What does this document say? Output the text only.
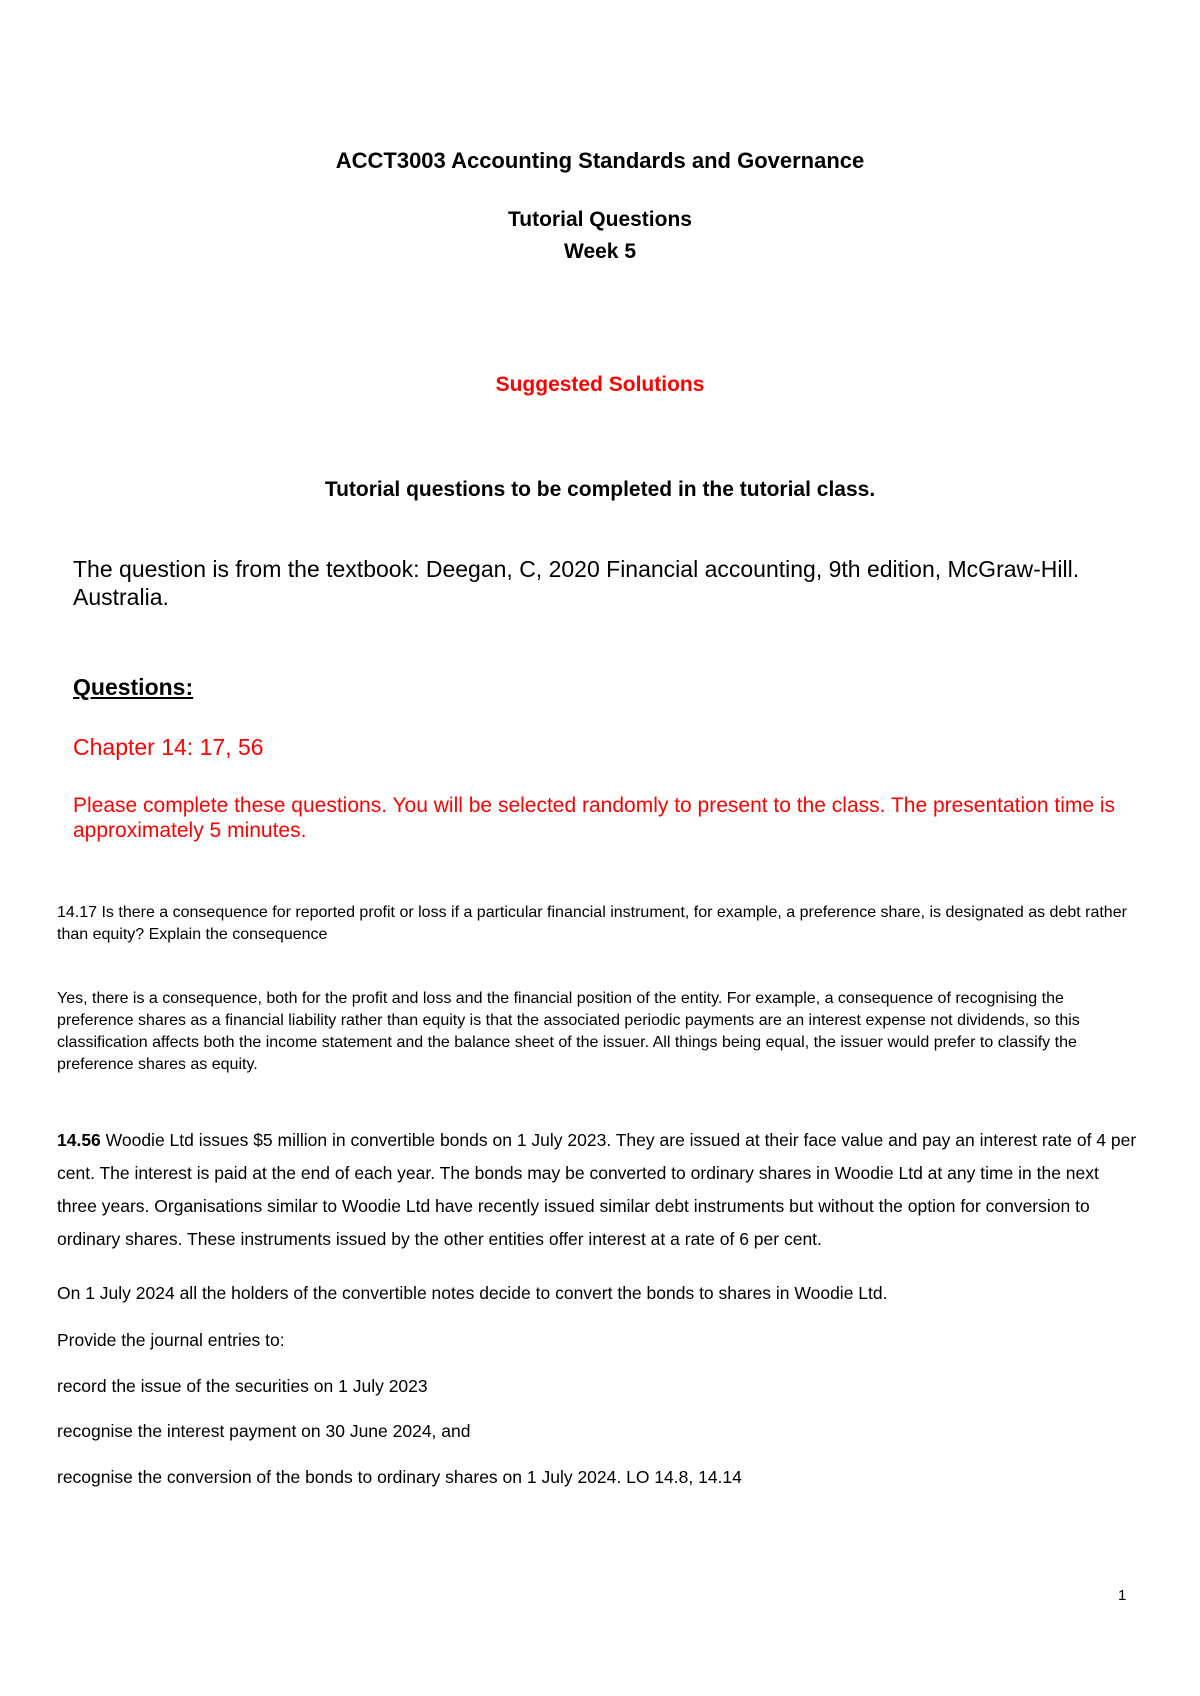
ACCT3003 Accounting Standards and Governance
Tutorial Questions
Week 5
Suggested Solutions
Tutorial questions to be completed in the tutorial class.
The question is from the textbook: Deegan, C, 2020 Financial accounting, 9th edition, McGraw-Hill. Australia.
Questions:
Chapter 14: 17, 56
Please complete these questions. You will be selected randomly to present to the class. The presentation time is approximately 5 minutes.
14.17 Is there a consequence for reported profit or loss if a particular financial instrument, for example, a preference share, is designated as debt rather than equity? Explain the consequence
Yes, there is a consequence, both for the profit and loss and the financial position of the entity. For example, a consequence of recognising the preference shares as a financial liability rather than equity is that the associated periodic payments are an interest expense not dividends, so this classification affects both the income statement and the balance sheet of the issuer. All things being equal, the issuer would prefer to classify the preference shares as equity.
14.56 Woodie Ltd issues $5 million in convertible bonds on 1 July 2023. They are issued at their face value and pay an interest rate of 4 per cent. The interest is paid at the end of each year. The bonds may be converted to ordinary shares in Woodie Ltd at any time in the next three years. Organisations similar to Woodie Ltd have recently issued similar debt instruments but without the option for conversion to ordinary shares. These instruments issued by the other entities offer interest at a rate of 6 per cent.
On 1 July 2024 all the holders of the convertible notes decide to convert the bonds to shares in Woodie Ltd.
Provide the journal entries to:
record the issue of the securities on 1 July 2023
recognise the interest payment on 30 June 2024, and
recognise the conversion of the bonds to ordinary shares on 1 July 2024. LO 14.8, 14.14
1
